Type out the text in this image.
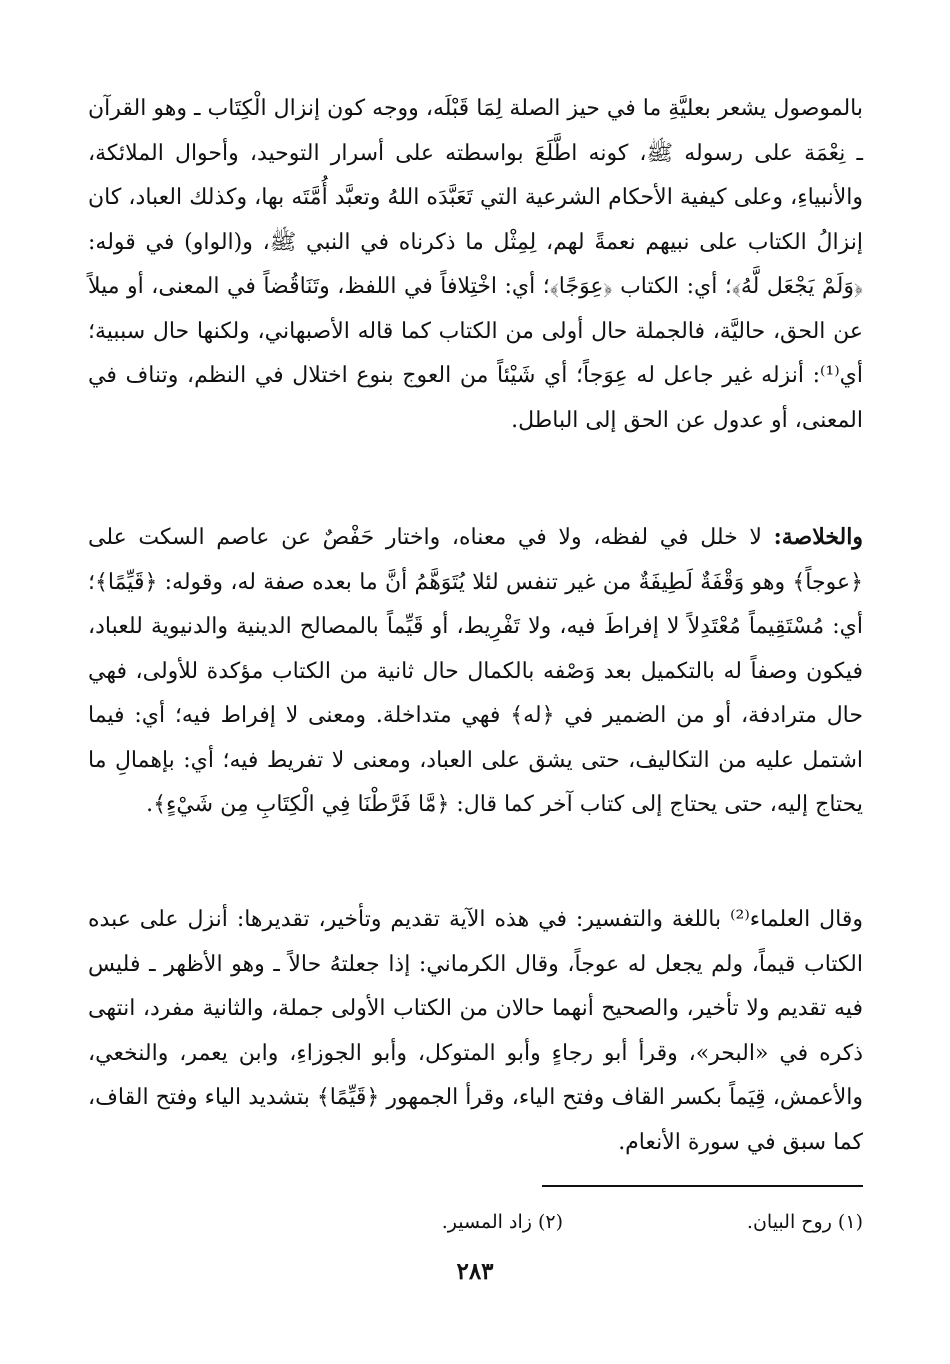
بالموصول يشعر بعليَّةِ ما في حيز الصلة لِمَا قَبْلَه، ووجه كون إنزال الْكِتَاب ـ وهو القرآن ـ نِعْمَة على رسوله ﷺ، كونه اطَّلَعَ بواسطته على أسرار التوحيد، وأحوال الملائكة، والأنبياءِ، وعلى كيفية الأحكام الشرعية التي تَعَبَّدَه اللهُ وتعبَّد أُمَّتَه بها، وكذلك العباد، كان إنزالُ الكتاب على نبيهم نعمةً لهم، لِمِثْل ما ذكرناه في النبي ﷺ، و(الواو) في قوله: ﴿وَلَمْ يَجْعَل لَّهُ﴾؛ أي: الكتاب ﴿عِوَجًا﴾؛ أي: اخْتِلافاً في اللفظ، وتَنَاقُضاً في المعنى، أو ميلاً عن الحق، حاليَّة، فالجملة حال أولى من الكتاب كما قاله الأصبهاني، ولكنها حال سببية؛ أي⁽¹⁾: أنزله غير جاعل له عِوَجاً؛ أي شَيْئاً من العوج بنوع اختلال في النظم، وتناف في المعنى، أو عدول عن الحق إلى الباطل.

والخلاصة: لا خلل في لفظه، ولا في معناه، واختار حَفْصٌ عن عاصم السكت على ﴿عوجاً﴾ وهو وَقْفَةٌ لَطِيفَةٌ من غير تنفس لئلا يُتَوَهَّمُ أنَّ ما بعده صفة له، وقوله: ﴿قَيِّمًا﴾؛ أي: مُسْتَقِيماً مُعْتَدِلاً لا إفراطَ فيه، ولا تَفْرِيط، أو قَيِّماً بالمصالح الدينية والدنيوية للعباد، فيكون وصفاً له بالتكميل بعد وَصْفه بالكمال حال ثانية من الكتاب مؤكدة للأولى، فهي حال مترادفة، أو من الضمير في ﴿له﴾ فهي متداخلة. ومعنى لا إفراط فيه؛ أي: فيما اشتمل عليه من التكاليف، حتى يشق على العباد، ومعنى لا تفريط فيه؛ أي: بإهمالِ ما يحتاج إليه، حتى يحتاج إلى كتاب آخر كما قال: ﴿مَّا فَرَّطْنَا فِي الْكِتَابِ مِن شَيْءٍ﴾.

وقال العلماء⁽²⁾ باللغة والتفسير: في هذه الآية تقديم وتأخير، تقديرها: أنزل على عبده الكتاب قيماً، ولم يجعل له عوجاً، وقال الكرماني: إذا جعلتهُ حالاً ـ وهو الأظهر ـ فليس فيه تقديم ولا تأخير، والصحيح أنهما حالان من الكتاب الأولى جملة، والثانية مفرد، انتهى ذكره في «البحر»، وقرأ أبو رجاءٍ وأبو المتوكل، وأبو الجوزاءِ، وابن يعمر، والنخعي، والأعمش، قِيَماً بكسر القاف وفتح الياء، وقرأ الجمهور ﴿قَيِّمًا﴾ بتشديد الياء وفتح القاف، كما سبق في سورة الأنعام.

(١) روح البيان.
(٢) زاد المسير.
٢٨٣
